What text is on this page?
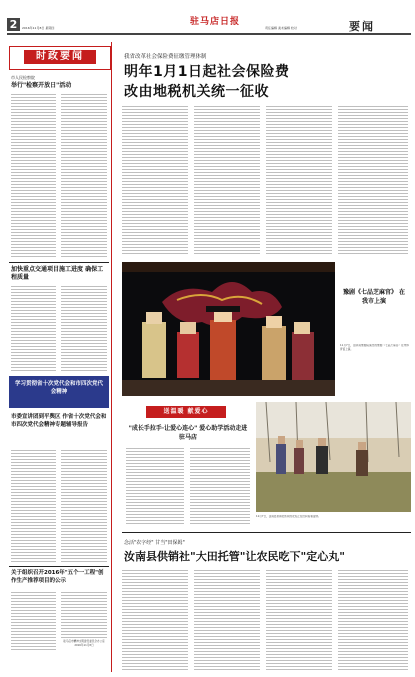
2	2016年11月8日 星期四
驻马店日报
责任编辑 美术编辑 校对	要闻
时政要闻
市人民检察院
举行"检察开放日"活动
加快重点交通项目施工进度 确保工程质量
学习贯彻省十次党代会和市四次党代会精神
市委宣讲团到平舆区 作省十次党代会和市四次党代会精神专题辅导报告
关于组织召开2016年"五个一工程"创作生产推荐项目的公示
驻马店市精神文明建设委员会办公室 2016年11月8日
我省改革社会保险费征缴管理体制
明年1月1日起社会保险费
改由地税机关统一征收
豫剧《七品芝麻官》 在我市上演
11月7日，由河南豫剧院演出的豫剧《七品芝麻官》在市体育馆上演。
送温暖 献爱心
"成长手拉手·让爱心连心" 爱心助学活动走进驻马店
11月7日，汝南县供销社帮扶的农民正在田间查看苗情。
念活"农字经" 甘当"田保姆"
汝南县供销社"大田托管"让农民吃下"定心丸"
